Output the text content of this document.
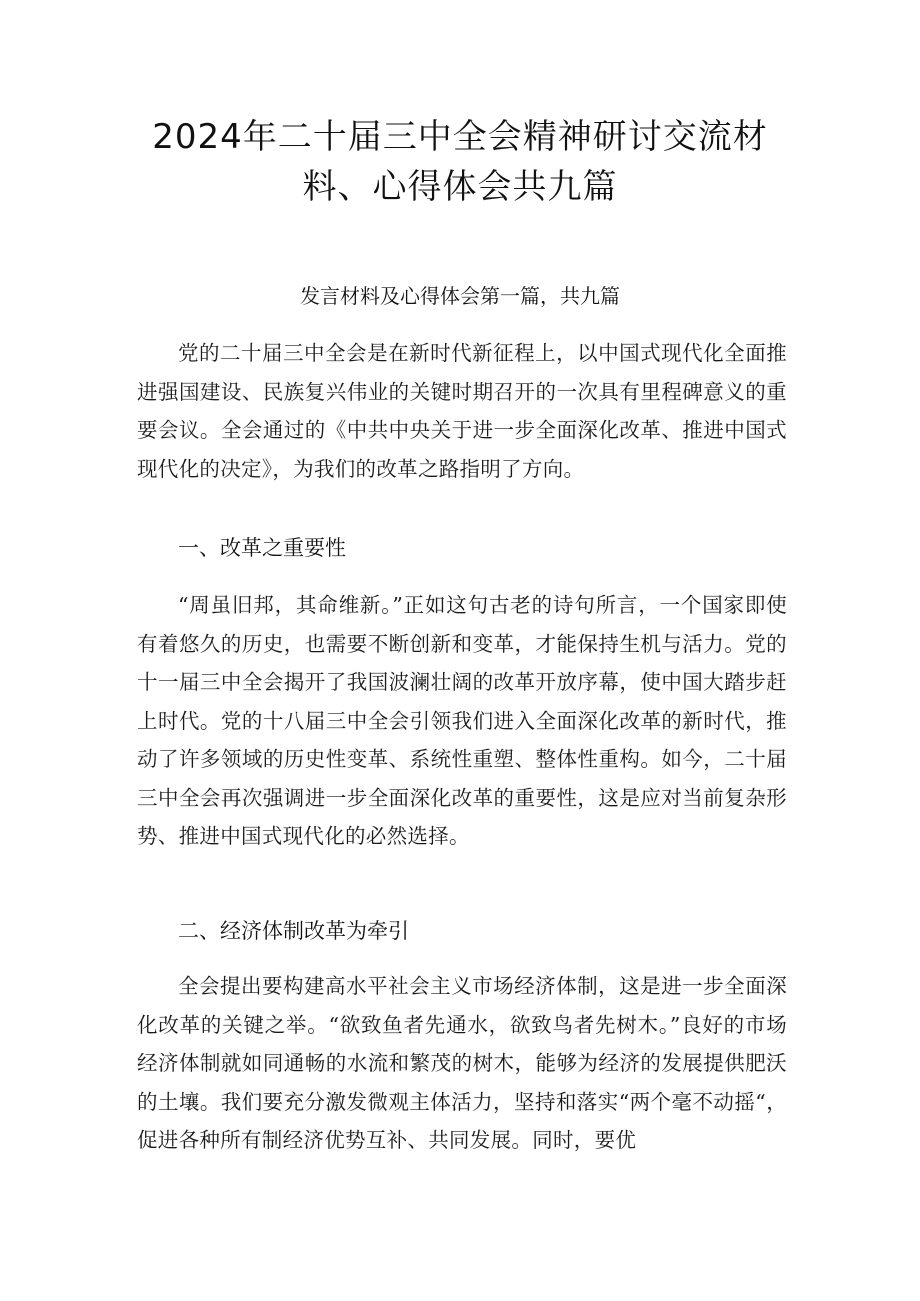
2024年二十届三中全会精神研讨交流材
料、心得体会共九篇
发言材料及心得体会第一篇，共九篇

党的二十届三中全会是在新时代新征程上，以中国式现代化全面推进强国建设、民族复兴伟业的关键时期召开的一次具有里程碑意义的重要会议。全会通过的《中共中央关于进一步全面深化改革、推进中国式现代化的决定》，为我们的改革之路指明了方向。

一、改革之重要性

“周虽旧邦，其命维新。”正如这句古老的诗句所言，一个国家即使有着悠久的历史，也需要不断创新和变革，才能保持生机与活力。党的十一届三中全会揭开了我国波澜壮阔的改革开放序幕，使中国大踏步赶上时代。党的十八届三中全会引领我们进入全面深化改革的新时代，推动了许多领域的历史性变革、系统性重塑、整体性重构。如今，二十届三中全会再次强调进一步全面深化改革的重要性，这是应对当前复杂形势、推进中国式现代化的必然选择。

二、经济体制改革为牵引

全会提出要构建高水平社会主义市场经济体制，这是进一步全面深化改革的关键之举。“欲致鱼者先通水，欲致鸟者先树木。”良好的市场经济体制就如同通畅的水流和繁茂的树木，能够为经济的发展提供肥沃的土壤。我们要充分激发微观主体活力，坚持和落实“两个毫不动摇“，促进各种所有制经济优势互补、共同发展。同时，要优
